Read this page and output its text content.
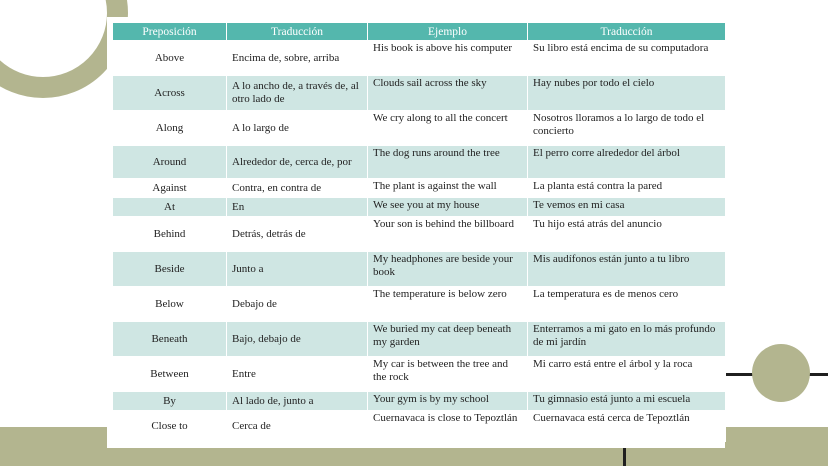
Preposición	Traducción	Ejemplo	Traducción
Above	Encima de, sobre, arriba	His book is above his computer	Su libro está encima de su computadora
Across	A lo ancho de, a través de, al otro lado de	Clouds sail across the sky	Hay nubes por todo el cielo
Along	A lo largo de	We cry along to all the concert	Nosotros lloramos a lo largo de todo el concierto
Around	Alrededor de, cerca de, por	The dog runs around the tree	El perro corre alrededor del árbol
Against	Contra, en contra de	The plant is against the wall	La planta está contra la pared
At	En	We see you at my house	Te vemos en mi casa
Behind	Detrás, detrás de	Your son is behind the billboard	Tu hijo está atrás del anuncio
Beside	Junto a	My headphones are beside your book	Mis audífonos están junto a tu libro
Below	Debajo de	The temperature is below zero	La temperatura es de menos cero
Beneath	Bajo, debajo de	We buried my cat deep beneath my garden	Enterramos a mi gato en lo más profundo de mi jardín
Between	Entre	My car is between the tree and the rock	Mi carro está entre el árbol y la roca
By	Al lado de, junto a	Your gym is by my school	Tu gimnasio está junto a mi escuela
Close to	Cerca de	Cuernavaca is close to Tepoztlán	Cuernavaca está cerca de Tepoztlán
